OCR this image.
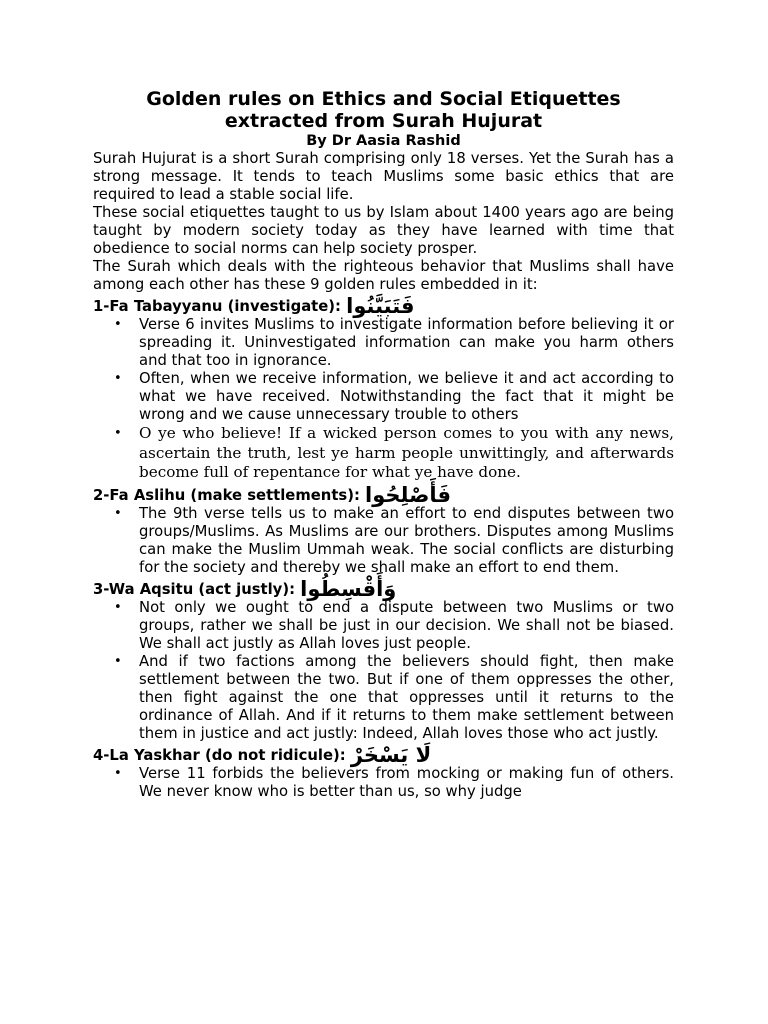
Golden rules on Ethics and Social Etiquettes
extracted from Surah Hujurat

By Dr Aasia Rashid

Surah Hujurat is a short Surah comprising only 18 verses. Yet the Surah has a strong message. It tends to teach Muslims some basic ethics that are required to lead a stable social life.

These social etiquettes taught to us by Islam about 1400 years ago are being taught by modern society today as they have learned with time that obedience to social norms can help society prosper.

The Surah which deals with the righteous behavior that Muslims shall have among each other has these 9 golden rules embedded in it:

1-Fa Tabayyanu (investigate): فَتَبَيَّنُوا

• Verse 6 invites Muslims to investigate information before believing it or spreading it. Uninvestigated information can make you harm others and that too in ignorance.
• Often, when we receive information, we believe it and act according to what we have received. Notwithstanding the fact that it might be wrong and we cause unnecessary trouble to others
• O ye who believe! If a wicked person comes to you with any news, ascertain the truth, lest ye harm people unwittingly, and afterwards become full of repentance for what ye have done.

2-Fa Aslihu (make settlements): فَأَصْلِحُوا

• The 9th verse tells us to make an effort to end disputes between two groups/Muslims. As Muslims are our brothers. Disputes among Muslims can make the Muslim Ummah weak. The social conflicts are disturbing for the society and thereby we shall make an effort to end them.

3-Wa Aqsitu (act justly): وَأَقْسِطُوا

• Not only we ought to end a dispute between two Muslims or two groups, rather we shall be just in our decision. We shall not be biased. We shall act justly as Allah loves just people.
• And if two factions among the believers should fight, then make settlement between the two. But if one of them oppresses the other, then fight against the one that oppresses until it returns to the ordinance of Allah. And if it returns to them make settlement between them in justice and act justly: Indeed, Allah loves those who act justly.

4-La Yaskhar (do not ridicule): لَا يَسْخَرْ

• Verse 11 forbids the believers from mocking or making fun of others. We never know who is better than us, so why judge
